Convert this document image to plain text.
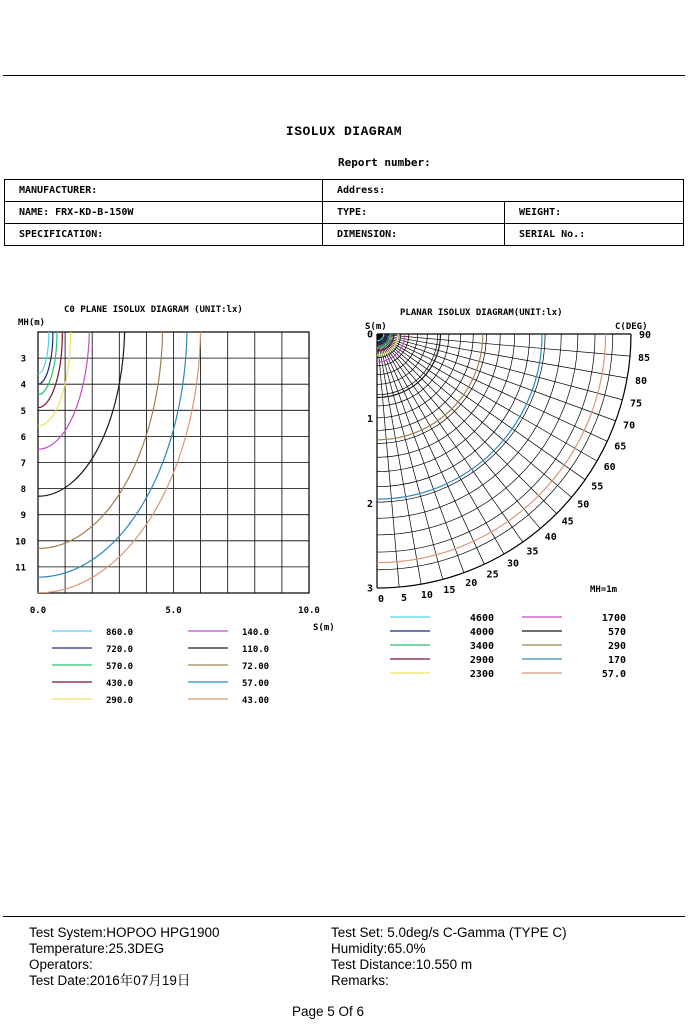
ISOLUX DIAGRAM
Report number:
MANUFACTURER:	Address:	
NAME: FRX-KD-B-150W	TYPE:	WEIGHT:
SPECIFICATION:	DIMENSION:	SERIAL No.:
C0 PLANE ISOLUX DIAGRAM (UNIT:lx)
MH(m)
S(m)
3
4
5
6
7
8
9
10
11
0.0	5.0	10.0
860.0
720.0
570.0
430.0
290.0
140.0
110.0
72.00
57.00
43.00
PLANAR ISOLUX DIAGRAM(UNIT:lx)
S(m)	C(DEG)
MH=1m
0
1
2
3
0 5 10 15
20
25
30
35
40
45
50
55
60
65
70
75
80
85
90
4600
4000
3400
2900
2300
1700
570
290
170
57.0
Test System:HOPOO HPG1900
Temperature:25.3DEG
Operators:
Test Date:2016年07月19日
Test Set: 5.0deg/s C-Gamma (TYPE C)
Humidity:65.0%
Test Distance:10.550 m
Remarks:
Page 5 Of 6
